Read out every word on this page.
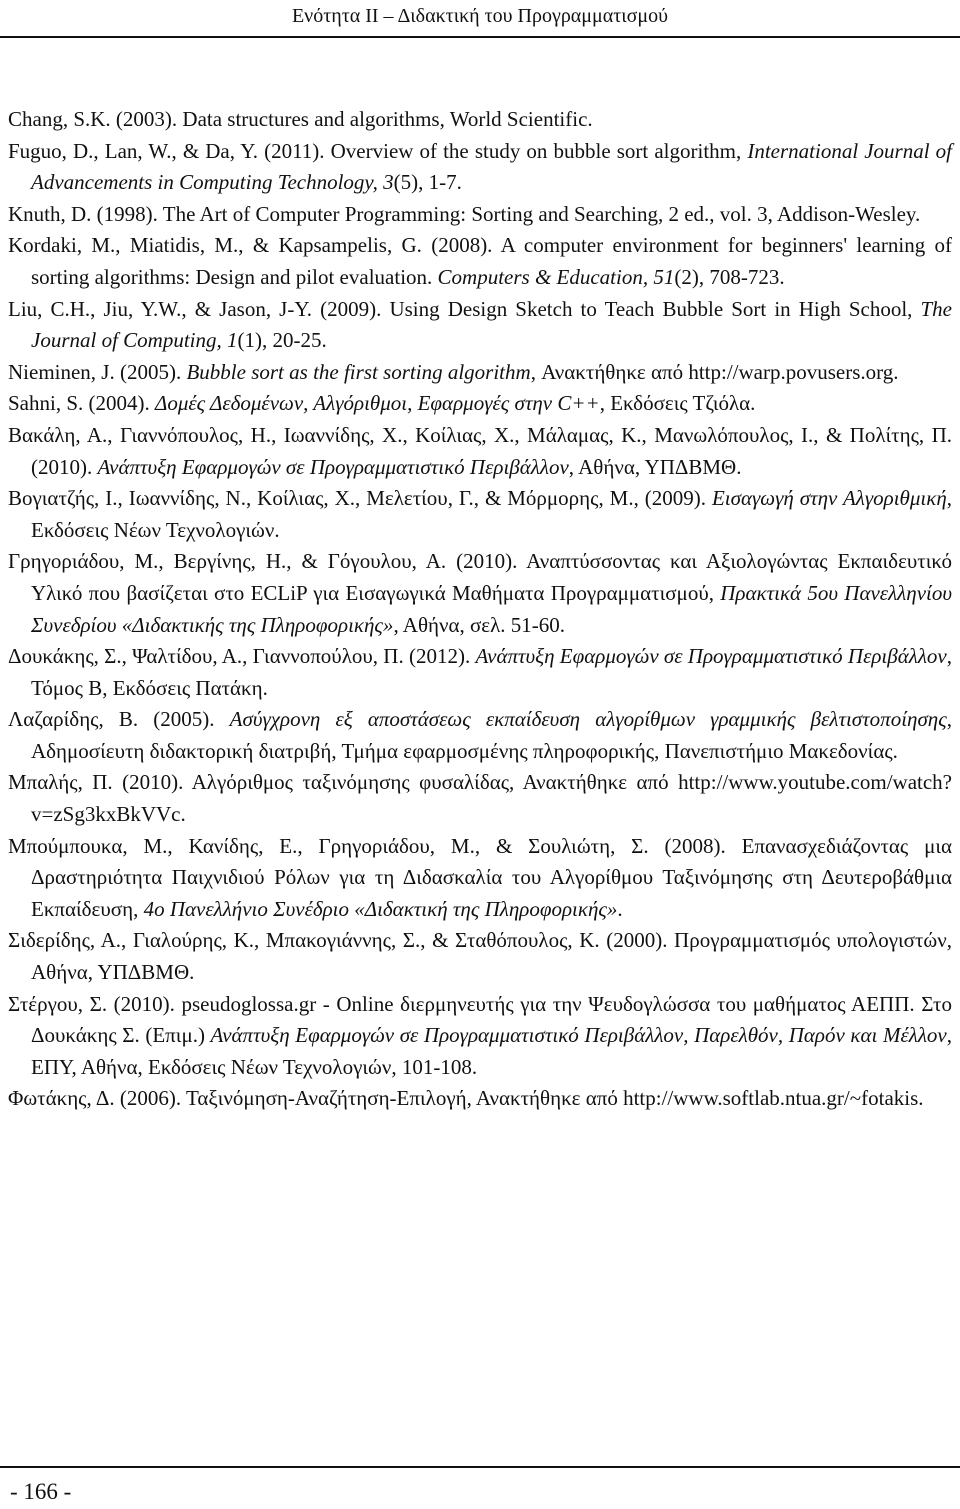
Ενότητα ΙΙ – Διδακτική του Προγραμματισμού

Chang, S.K. (2003). Data structures and algorithms, World Scientific.

Fuguo, D., Lan, W., & Da, Y. (2011). Overview of the study on bubble sort algorithm, International Journal of Advancements in Computing Technology, 3(5), 1-7.

Knuth, D. (1998). The Art of Computer Programming: Sorting and Searching, 2 ed., vol. 3, Addison-Wesley.

Kordaki, M., Miatidis, M., & Kapsampelis, G. (2008). A computer environment for beginners' learning of sorting algorithms: Design and pilot evaluation. Computers & Education, 51(2), 708-723.

Liu, C.H., Jiu, Y.W., & Jason, J-Y. (2009). Using Design Sketch to Teach Bubble Sort in High School, The Journal of Computing, 1(1), 20-25.

Nieminen, J. (2005). Bubble sort as the first sorting algorithm, Ανακτήθηκε από http://warp.povusers.org.

Sahni, S. (2004). Δομές Δεδομένων, Αλγόριθμοι, Εφαρμογές στην C++, Εκδόσεις Τζιόλα.

Βακάλη, Α., Γιαννόπουλος, Η., Ιωαννίδης, Χ., Κοίλιας, Χ., Μάλαμας, Κ., Μανωλόπουλος, Ι., & Πολίτης, Π. (2010). Ανάπτυξη Εφαρμογών σε Προγραμματιστικό Περιβάλλον, Αθήνα, ΥΠΔΒΜΘ.

Βογιατζής, Ι., Ιωαννίδης, Ν., Κοίλιας, Χ., Μελετίου, Γ., & Μόρμορης, Μ., (2009). Εισαγωγή στην Αλγοριθμική, Εκδόσεις Νέων Τεχνολογιών.

Γρηγοριάδου, Μ., Βεργίνης, Η., & Γόγουλου, Α. (2010). Αναπτύσσοντας και Αξιολογώντας Εκπαιδευτικό Υλικό που βασίζεται στο ECLiP για Εισαγωγικά Μαθήματα Προγραμματισμού, Πρακτικά 5ου Πανελληνίου Συνεδρίου «Διδακτικής της Πληροφορικής», Αθήνα, σελ. 51-60.

Δουκάκης, Σ., Ψαλτίδου, Α., Γιαννοπούλου, Π. (2012). Ανάπτυξη Εφαρμογών σε Προγραμματιστικό Περιβάλλον, Τόμος Β, Εκδόσεις Πατάκη.

Λαζαρίδης, Β. (2005). Ασύγχρονη εξ αποστάσεως εκπαίδευση αλγορίθμων γραμμικής βελτιστοποίησης, Αδημοσίευτη διδακτορική διατριβή, Τμήμα εφαρμοσμένης πληροφορικής, Πανεπιστήμιο Μακεδονίας.

Μπαλής, Π. (2010). Αλγόριθμος ταξινόμησης φυσαλίδας, Ανακτήθηκε από http://www.youtube.com/watch?v=zSg3kxBkVVc.

Μπούμπουκα, Μ., Κανίδης, Ε., Γρηγοριάδου, Μ., & Σουλιώτη, Σ. (2008). Επανασχεδιάζοντας μια Δραστηριότητα Παιχνιδιού Ρόλων για τη Διδασκαλία του Αλγορίθμου Ταξινόμησης στη Δευτεροβάθμια Εκπαίδευση, 4ο Πανελλήνιο Συνέδριο «Διδακτική της Πληροφορικής».

Σιδερίδης, Α., Γιαλούρης, Κ., Μπακογιάννης, Σ., & Σταθόπουλος, Κ. (2000). Προγραμματισμός υπολογιστών, Αθήνα, ΥΠΔΒΜΘ.

Στέργου, Σ. (2010). pseudoglossa.gr - Online διερμηνευτής για την Ψευδογλώσσα του μαθήματος ΑΕΠΠ. Στο Δουκάκης Σ. (Επιμ.) Ανάπτυξη Εφαρμογών σε Προγραμματιστικό Περιβάλλον, Παρελθόν, Παρόν και Μέλλον, ΕΠΥ, Αθήνα, Εκδόσεις Νέων Τεχνολογιών, 101-108.

Φωτάκης, Δ. (2006). Ταξινόμηση-Αναζήτηση-Επιλογή, Ανακτήθηκε από http://www.softlab.ntua.gr/~fotakis.

- 166 -
